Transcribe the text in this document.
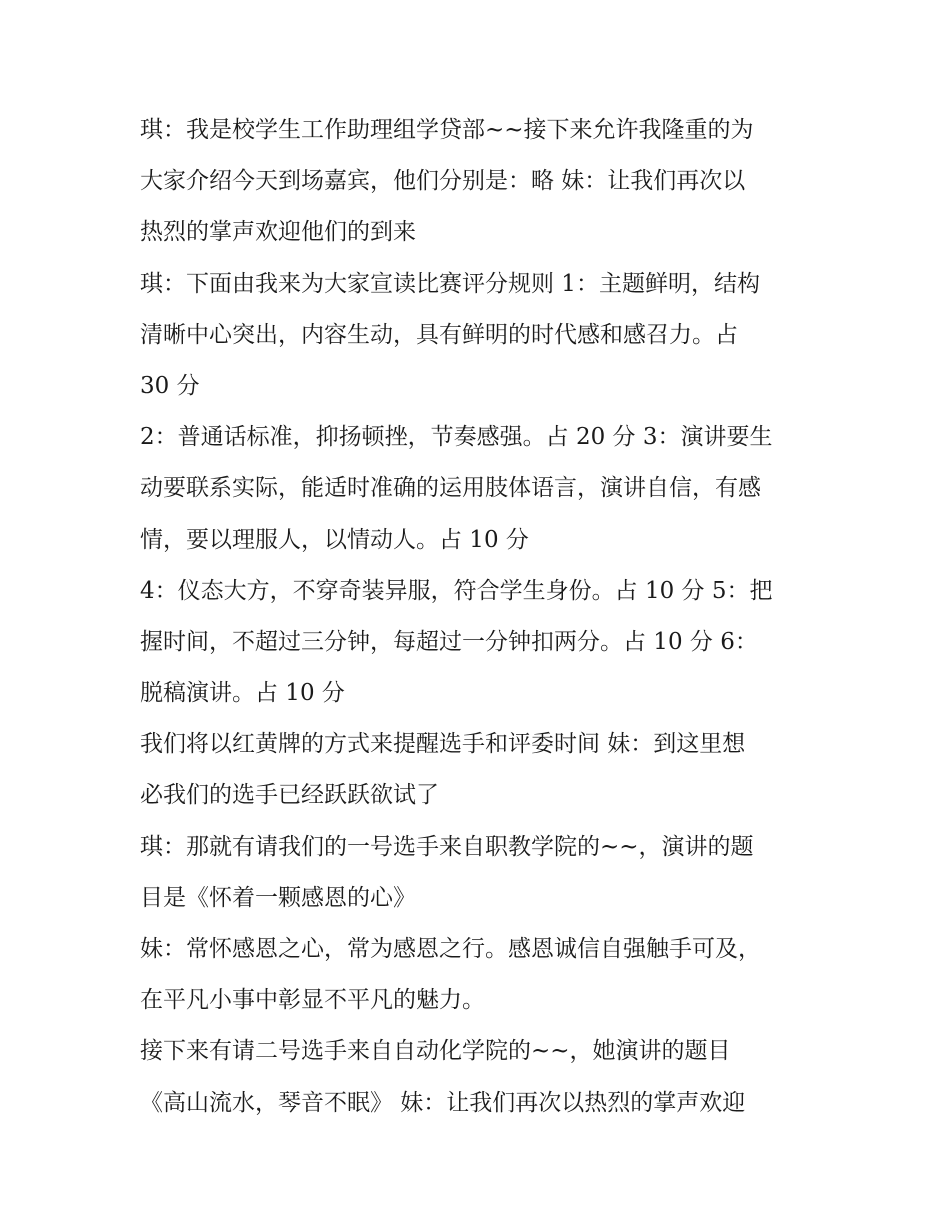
琪：我是校学生工作助理组学贷部~~接下来允许我隆重的为
大家介绍今天到场嘉宾，他们分别是：略 妹：让我们再次以
热烈的掌声欢迎他们的到来
琪：下面由我来为大家宣读比赛评分规则 1：主题鲜明，结构
清晰中心突出，内容生动，具有鲜明的时代感和感召力。占
30 分
2：普通话标准，抑扬顿挫，节奏感强。占 20 分 3：演讲要生
动要联系实际，能适时准确的运用肢体语言，演讲自信，有感
情，要以理服人，以情动人。占 10 分
4：仪态大方，不穿奇装异服，符合学生身份。占 10 分 5：把
握时间，不超过三分钟，每超过一分钟扣两分。占 10 分 6：
脱稿演讲。占 10 分
我们将以红黄牌的方式来提醒选手和评委时间 妹：到这里想
必我们的选手已经跃跃欲试了
琪：那就有请我们的一号选手来自职教学院的~~，演讲的题
目是《怀着一颗感恩的心》
妹：常怀感恩之心，常为感恩之行。感恩诚信自强触手可及，
在平凡小事中彰显不平凡的魅力。
接下来有请二号选手来自自动化学院的~~，她演讲的题目
《高山流水，琴音不眠》 妹：让我们再次以热烈的掌声欢迎
